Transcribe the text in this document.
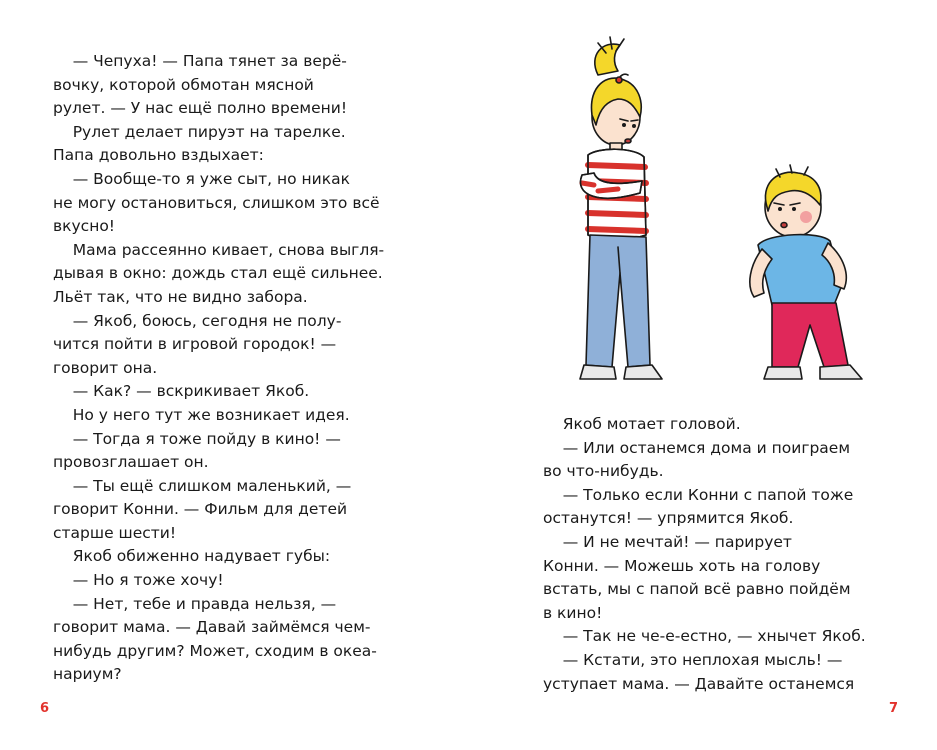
— Чепуха! — Папа тянет за верё-
вочку, которой обмотан мясной
рулет. — У нас ещё полно времени!
Рулет делает пируэт на тарелке.
Папа довольно вздыхает:
— Вообще-то я уже сыт, но никак
не могу остановиться, слишком это всё
вкусно!
Мама рассеянно кивает, снова выгля-
дывая в окно: дождь стал ещё сильнее.
Льёт так, что не видно забора.
— Якоб, боюсь, сегодня не полу-
чится пойти в игровой городок! —
говорит она.
— Как? — вскрикивает Якоб.
Но у него тут же возникает идея.
— Тогда я тоже пойду в кино! —
провозглашает он.
— Ты ещё слишком маленький, —
говорит Конни. — Фильм для детей
старше шести!
Якоб обиженно надувает губы:
— Но я тоже хочу!
— Нет, тебе и правда нельзя, —
говорит мама. — Давай займёмся чем-
нибудь другим? Может, сходим в океа-
нариум?
6
Якоб мотает головой.
— Или останемся дома и поиграем
во что-нибудь.
— Только если Конни с папой тоже
останутся! — упрямится Якоб.
— И не мечтай! — парирует
Конни. — Можешь хоть на голову
встать, мы с папой всё равно пойдём
в кино!
— Так не че-е-естно, — хнычет Якоб.
— Кстати, это неплохая мысль! —
уступает мама. — Давайте останемся
7
